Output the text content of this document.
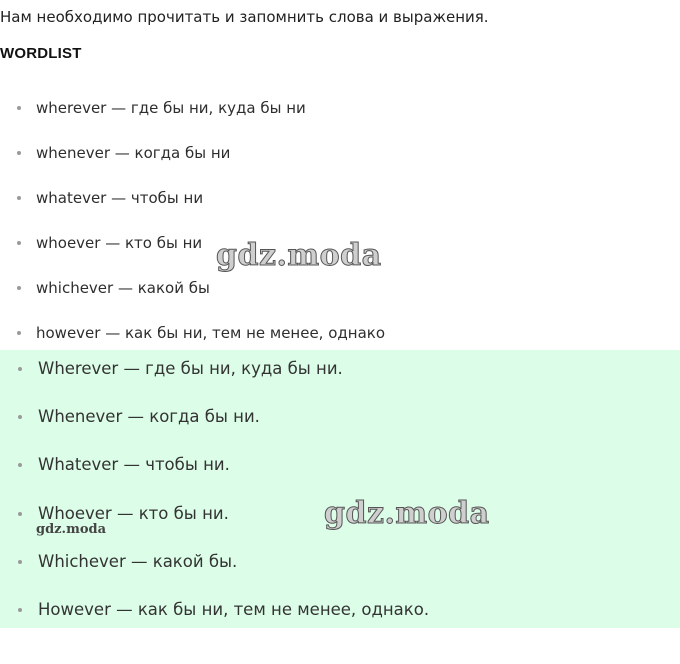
Нам необходимо прочитать и запомнить слова и выражения.
WORDLIST
wherever — где бы ни, куда бы ни
whenever — когда бы ни
whatever — чтобы ни
whoever — кто бы ни
whichever — какой бы
however — как бы ни, тем не менее, однако
Wherever — где бы ни, куда бы ни.
Whenever — когда бы ни.
Whatever — чтобы ни.
Whoever — кто бы ни.
Whichever — какой бы.
However — как бы ни, тем не менее, однако.
gdz.moda
gdz.moda
gdz.moda
